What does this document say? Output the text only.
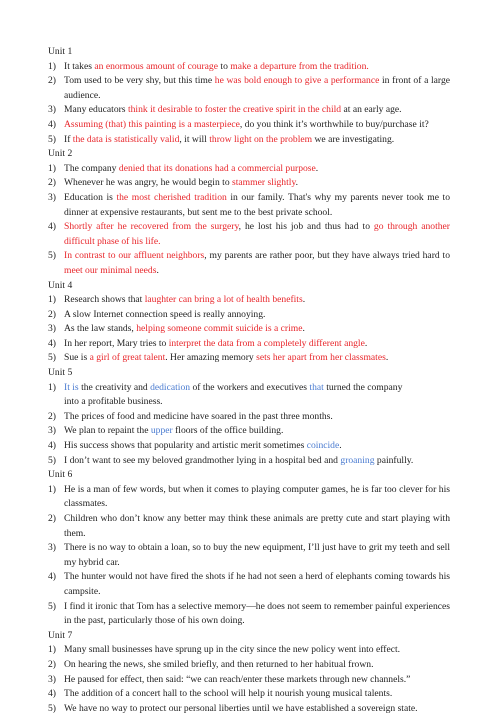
Unit 1
1) It takes an enormous amount of courage to make a departure from the tradition.
2) Tom used to be very shy, but this time he was bold enough to give a performance in front of a large audience.
3) Many educators think it desirable to foster the creative spirit in the child at an early age.
4) Assuming (that) this painting is a masterpiece, do you think it’s worthwhile to buy/purchase it?
5) If the data is statistically valid, it will throw light on the problem we are investigating.
Unit 2
1) The company denied that its donations had a commercial purpose.
2) Whenever he was angry, he would begin to stammer slightly.
3) Education is the most cherished tradition in our family. That's why my parents never took me to dinner at expensive restaurants, but sent me to the best private school.
4) Shortly after he recovered from the surgery, he lost his job and thus had to go through another difficult phase of his life.
5) In contrast to our affluent neighbors, my parents are rather poor, but they have always tried hard to meet our minimal needs.
Unit 4
1) Research shows that laughter can bring a lot of health benefits.
2) A slow Internet connection speed is really annoying.
3) As the law stands, helping someone commit suicide is a crime.
4) In her report, Mary tries to interpret the data from a completely different angle.
5) Sue is a girl of great talent. Her amazing memory sets her apart from her classmates.
Unit 5
1) It is the creativity and dedication of the workers and executives that turned the company
into a profitable business.
2) The prices of food and medicine have soared in the past three months.
3) We plan to repaint the upper floors of the office building.
4) His success shows that popularity and artistic merit sometimes coincide.
5) I don’t want to see my beloved grandmother lying in a hospital bed and groaning painfully.
Unit 6
1) He is a man of few words, but when it comes to playing computer games, he is far too clever for his classmates.
2) Children who don’t know any better may think these animals are pretty cute and start playing with them.
3) There is no way to obtain a loan, so to buy the new equipment, I’ll just have to grit my teeth and sell my hybrid car.
4) The hunter would not have fired the shots if he had not seen a herd of elephants coming towards his campsite.
5) I find it ironic that Tom has a selective memory—he does not seem to remember painful experiences in the past, particularly those of his own doing.
Unit 7
1) Many small businesses have sprung up in the city since the new policy went into effect.
2) On hearing the news, she smiled briefly, and then returned to her habitual frown.
3) He paused for effect, then said: “we can reach/enter these markets through new channels.”
4) The addition of a concert hall to the school will help it nourish young musical talents.
5) We have no way to protect our personal liberties until we have established a sovereign state.
